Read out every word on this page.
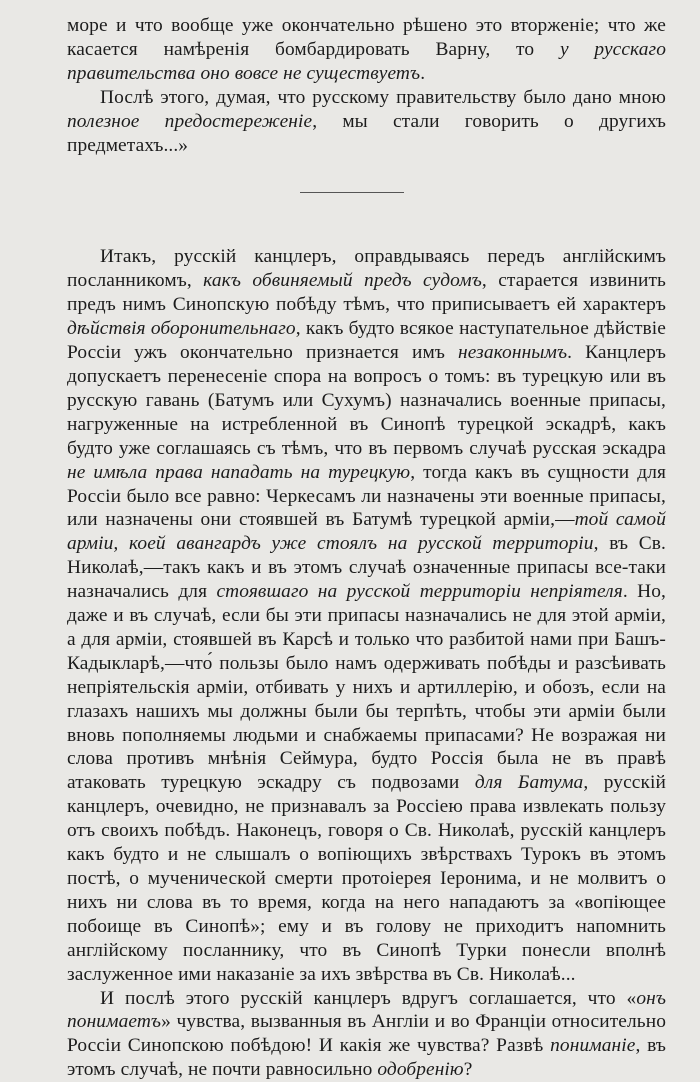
море и что вообще уже окончательно рѣшено это вторженіе; что же касается намѣренія бомбардировать Варну, то у русскаго правительства оно вовсе не существуетъ.

Послѣ этого, думая, что русскому правительству было дано мною полезное предостереженіе, мы стали говорить о другихъ предметахъ...»

Итакъ, русскій канцлеръ, оправдываясь передъ англійскимъ посланникомъ, какъ обвиняемый предъ судомъ, старается извинить предъ нимъ Синопскую побѣду тѣмъ, что приписываетъ ей характеръ дѣйствія оборонительнаго, какъ будто всякое наступательное дѣйствіе Россіи ужъ окончательно признается имъ незаконнымъ. Канцлеръ допускаетъ перенесеніе спора на вопросъ о томъ: въ турецкую или въ русскую гавань (Батумъ или Сухумъ) назначались военные припасы, нагруженные на истребленной въ Синопѣ турецкой эскадрѣ, какъ будто уже соглашаясь съ тѣмъ, что въ первомъ случаѣ русская эскадра не имѣла права нападать на турецкую, тогда какъ въ сущности для Россіи было все равно: Черкесамъ ли назначены эти военные припасы, или назначены они стоявшей въ Батумѣ турецкой арміи,—той самой арміи, коей авангардъ уже стоялъ на русской территоріи, въ Св. Николаѣ,—такъ какъ и въ этомъ случаѣ означенные припасы все-таки назначались для стоявшаго на русской территоріи непріятеля. Но, даже и въ случаѣ, если бы эти припасы назначались не для этой арміи, а для арміи, стоявшей въ Карсѣ и только что разбитой нами при Башъ-Кадыкларѣ,—что́ пользы было намъ одерживать побѣды и разсѣивать непріятельскія арміи, отбивать у нихъ и артиллерію, и обозъ, если на глазахъ нашихъ мы должны были бы терпѣть, чтобы эти арміи были вновь пополняемы людьми и снабжаемы припасами? Не возражая ни слова противъ мнѣнія Сеймура, будто Россія была не въ правѣ атаковать турецкую эскадру съ подвозами для Батума, русскій канцлеръ, очевидно, не признавалъ за Россіею права извлекать пользу отъ своихъ побѣдъ. Наконецъ, говоря о Св. Николаѣ, русскій канцлеръ какъ будто и не слышалъ о вопіющихъ звѣрствахъ Турокъ въ этомъ постѣ, о мученической смерти протоіерея Іеронима, и не молвитъ о нихъ ни слова въ то время, когда на него нападаютъ за «вопіющее побоище въ Синопѣ»; ему и въ голову не приходитъ напомнить англійскому посланнику, что въ Синопѣ Турки понесли вполнѣ заслуженное ими наказаніе за ихъ звѣрства въ Св. Николаѣ...

И послѣ этого русскій канцлеръ вдругъ соглашается, что «онъ понимаетъ» чувства, вызванныя въ Англіи и во Франціи относительно Россіи Синопскою побѣдою! И какія же чувства? Развѣ пониманіе, въ этомъ случаѣ, не почти равносильно одобренію?
